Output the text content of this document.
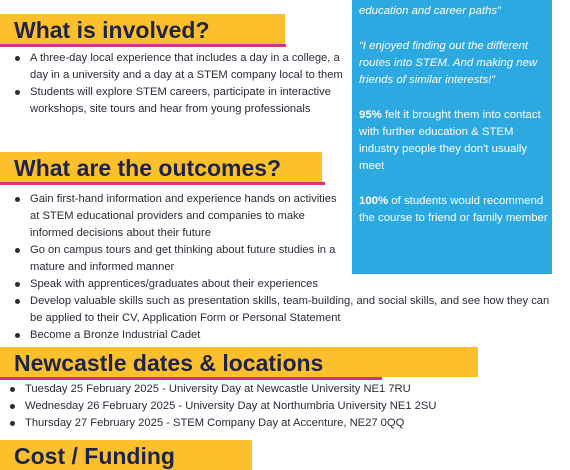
education and career paths”

“I enjoyed finding out the different routes into STEM. And making new friends of similar interests!”

95% felt it brought them into contact with further education & STEM industry people they don't usually meet

100% of students would recommend the course to friend or family member

What is involved?
A three-day local experience that includes a day in a college, a day in a university and a day at a STEM company local to them
Students will explore STEM careers, participate in interactive workshops, site tours and hear from young professionals
What are the outcomes?
Gain first-hand information and experience hands on activities at STEM educational providers and companies to make informed decisions about their future
Go on campus tours and get thinking about future studies in a mature and informed manner
Speak with apprentices/graduates about their experiences
Develop valuable skills such as presentation skills, team-building, and social skills, and see how they can be applied to their CV, Application Form or Personal Statement
Become a Bronze Industrial Cadet
Newcastle dates & locations
Tuesday 25 February 2025 - University Day at Newcastle University NE1 7RU
Wednesday 26 February 2025 - University Day at Northumbria University NE1 2SU
Thursday 27 February 2025 - STEM Company Day at Accenture, NE27 0QQ
Cost / Funding
